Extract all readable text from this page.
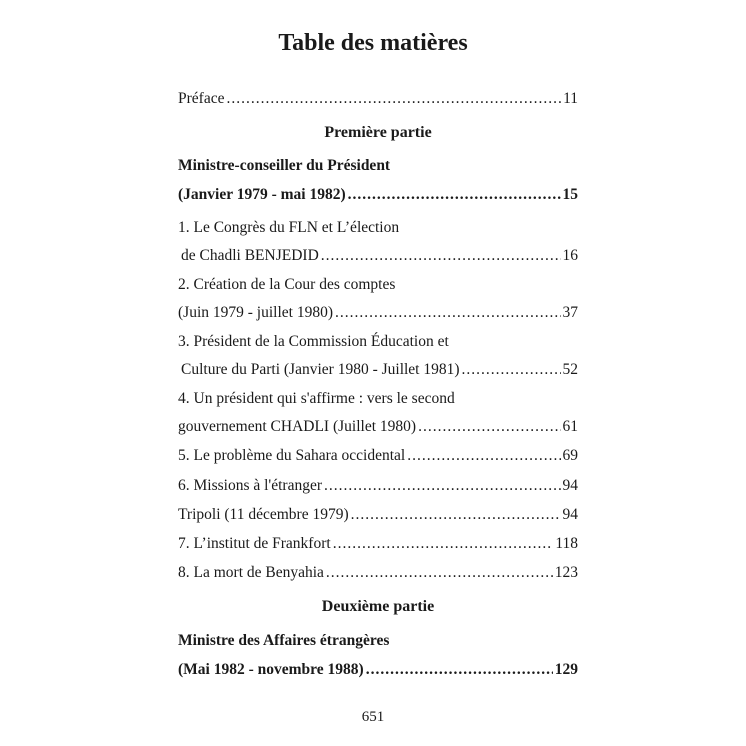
Table des matières
Préface .....	11
Première partie
Ministre-conseiller du Président
(Janvier 1979 - mai 1982) .....	15
1. Le Congrès du FLN et L’élection
de Chadli BENJEDID .....	16
2. Création de la Cour des comptes
(Juin 1979 - juillet 1980) .....	37
3. Président de la Commission Éducation et
Culture du Parti (Janvier 1980 - Juillet 1981) .....	52
4. Un président qui s'affirme : vers le second
gouvernement CHADLI (Juillet 1980) .....	61
5. Le problème du Sahara occidental .....	69
6. Missions à l'étranger .....	94
Tripoli (11 décembre 1979) .....	94
7. L’institut de Frankfort .....	118
8. La mort de Benyahia .....	123
Deuxième partie
Ministre des Affaires étrangères
(Mai 1982 - novembre 1988) .....	129
651
